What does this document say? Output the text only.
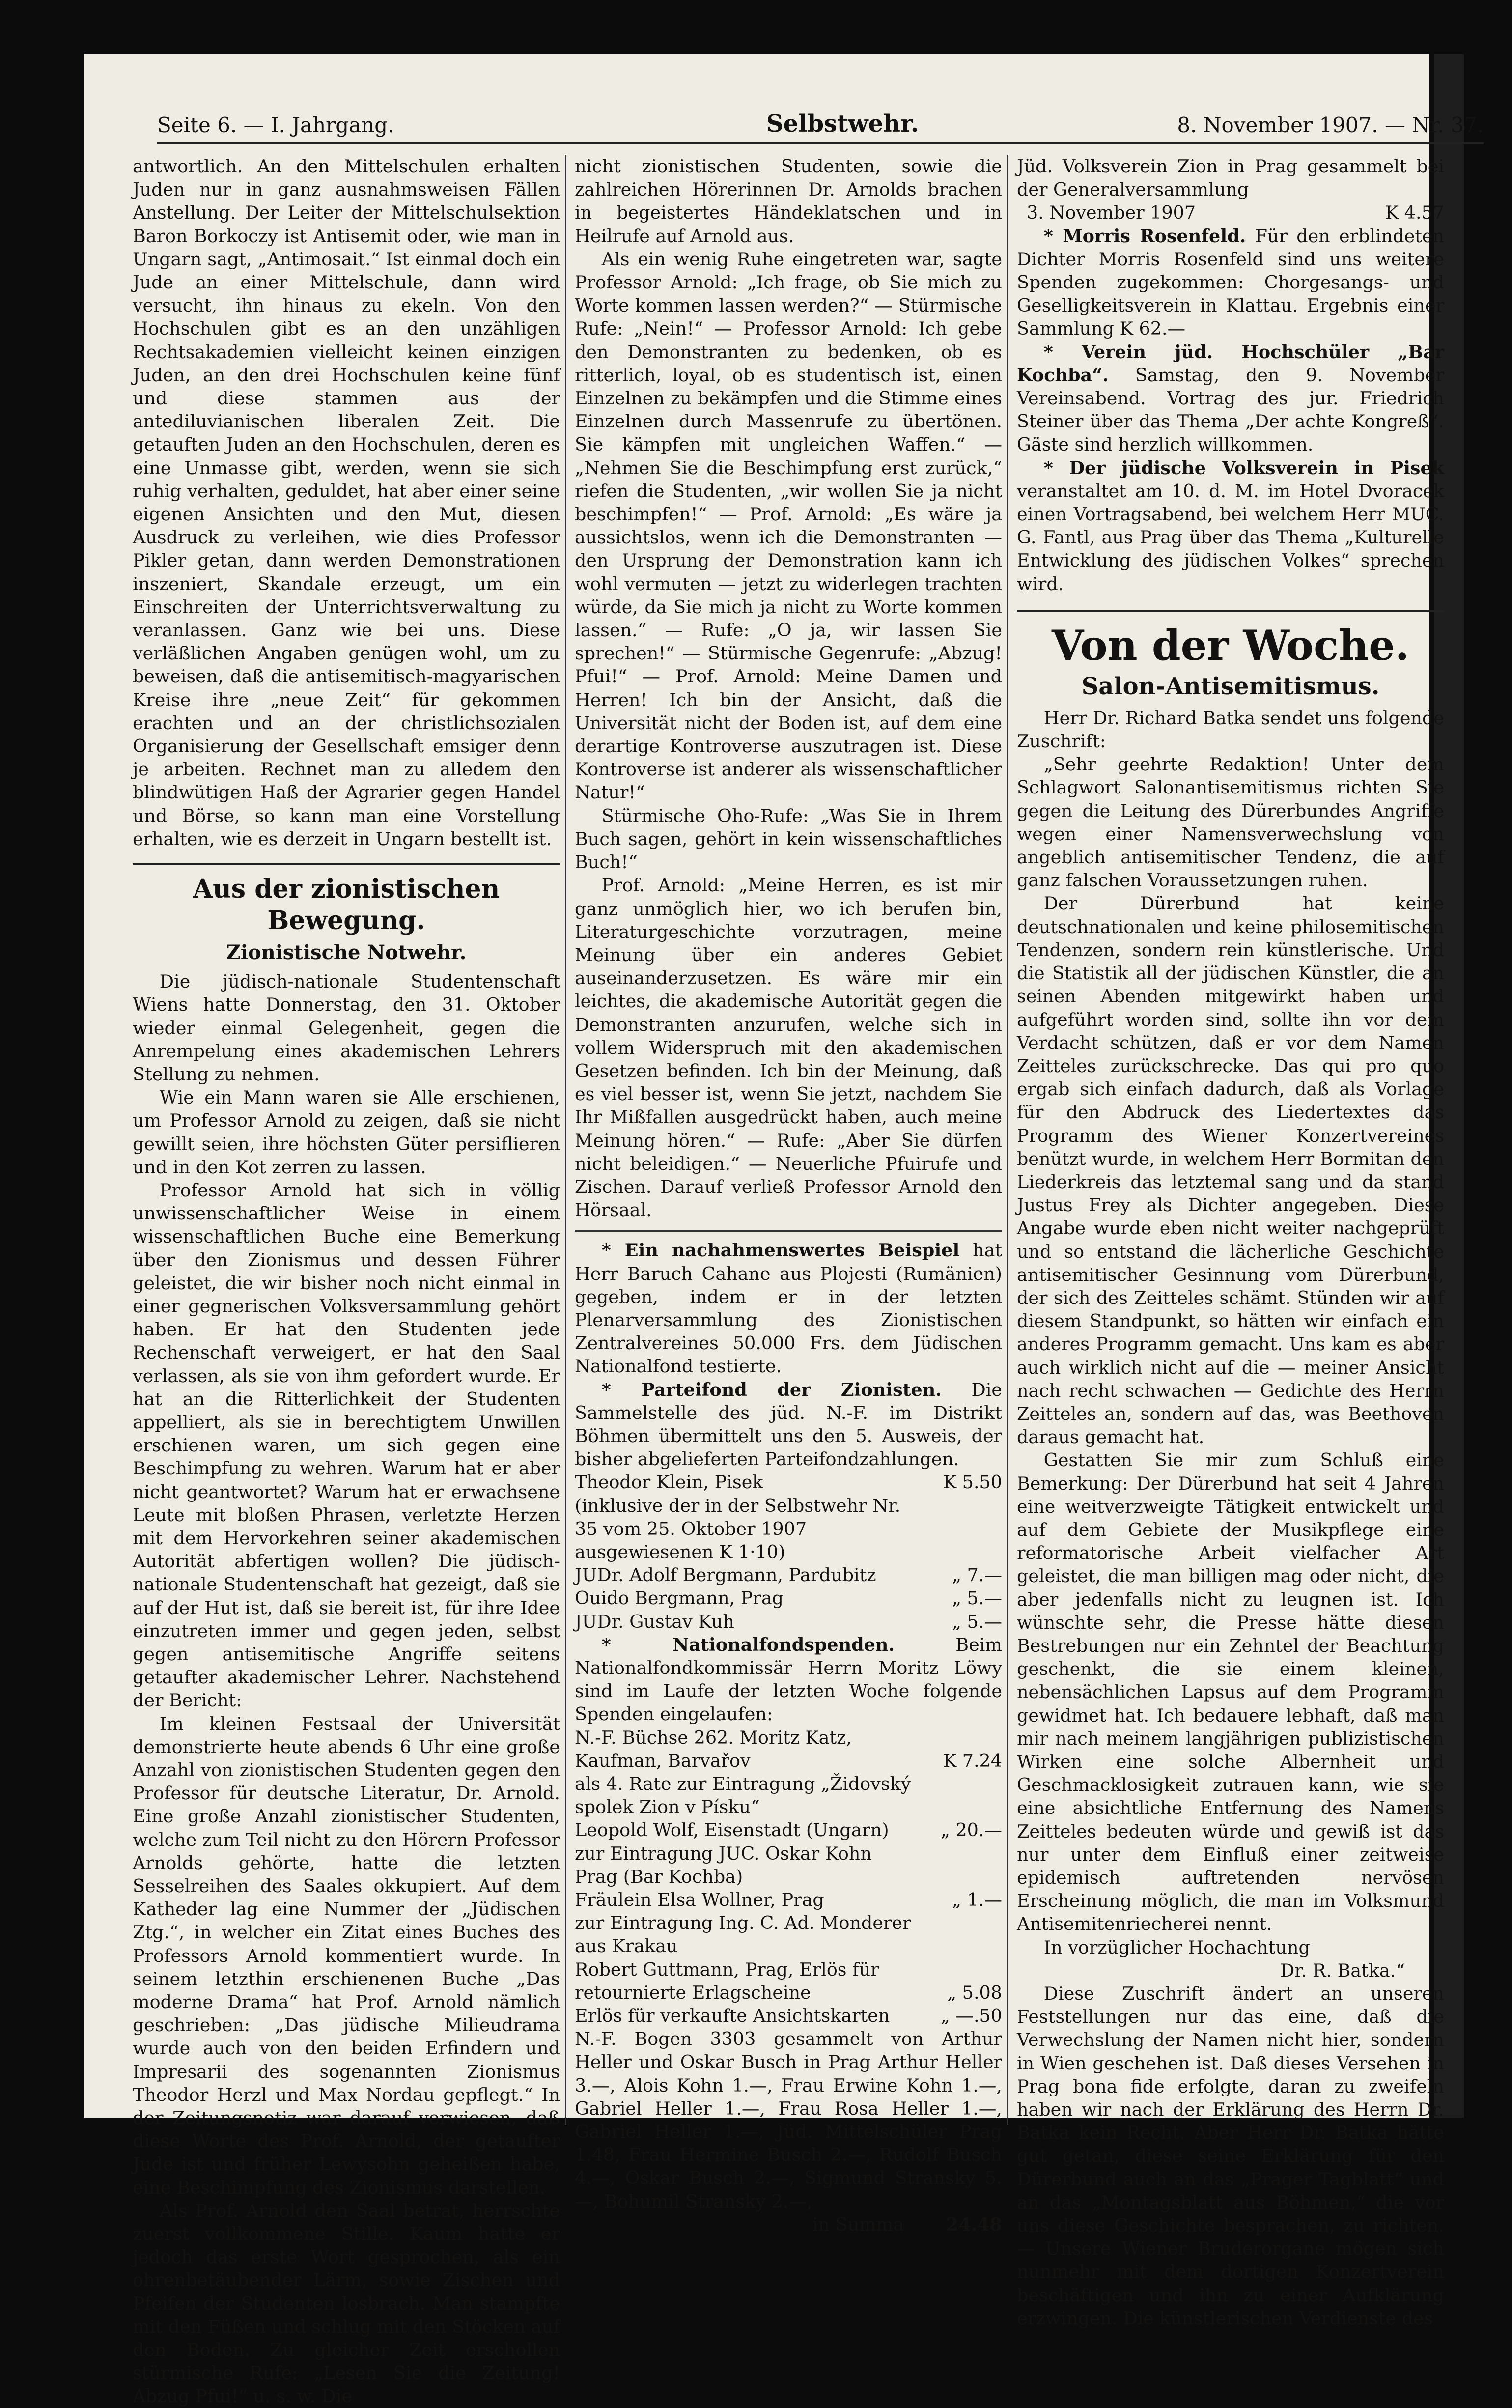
Seite 6. — I. Jahrgang.	Selbstwehr.	8. November 1907. — Nr. 37.

antwortlich. An den Mittelschulen erhalten Juden nur in ganz ausnahmsweisen Fällen Anstellung. Der Leiter der Mittelschulsektion Baron Borkoczy ist Antisemit oder, wie man in Ungarn sagt, „Antimosait.“ Ist einmal doch ein Jude an einer Mittelschule, dann wird versucht, ihn hinaus zu ekeln. Von den Hochschulen gibt es an den unzähligen Rechtsakademien vielleicht keinen einzigen Juden, an den drei Hochschulen keine fünf und diese stammen aus der antediluvianischen liberalen Zeit. Die getauften Juden an den Hochschulen, deren es eine Unmasse gibt, werden, wenn sie sich ruhig verhalten, geduldet, hat aber einer seine eigenen Ansichten und den Mut, diesen Ausdruck zu verleihen, wie dies Professor Pikler getan, dann werden Demonstrationen inszeniert, Skandale erzeugt, um ein Einschreiten der Unterrichtsverwaltung zu veranlassen. Ganz wie bei uns. Diese verläßlichen Angaben genügen wohl, um zu beweisen, daß die antisemitisch-magyarischen Kreise ihre „neue Zeit“ für gekommen erachten und an der christlichsozialen Organisierung der Gesellschaft emsiger denn je arbeiten. Rechnet man zu alledem den blindwütigen Haß der Agrarier gegen Handel und Börse, so kann man eine Vorstellung erhalten, wie es derzeit in Ungarn bestellt ist.

Aus der zionistischen Bewegung.
Zionistische Notwehr.

Die jüdisch-nationale Studentenschaft Wiens hatte Donnerstag, den 31. Oktober wieder einmal Gelegenheit, gegen die Anrempelung eines akademischen Lehrers Stellung zu nehmen.

Wie ein Mann waren sie Alle erschienen, um Professor Arnold zu zeigen, daß sie nicht gewillt seien, ihre höchsten Güter persiflieren und in den Kot zerren zu lassen.

Professor Arnold hat sich in völlig unwissenschaftlicher Weise in einem wissenschaftlichen Buche eine Bemerkung über den Zionismus und dessen Führer geleistet, die wir bisher noch nicht einmal in einer gegnerischen Volksversammlung gehört haben. Er hat den Studenten jede Rechenschaft verweigert, er hat den Saal verlassen, als sie von ihm gefordert wurde. Er hat an die Ritterlichkeit der Studenten appelliert, als sie in berechtigtem Unwillen erschienen waren, um sich gegen eine Beschimpfung zu wehren. Warum hat er aber nicht geantwortet? Warum hat er erwachsene Leute mit bloßen Phrasen, verletzte Herzen mit dem Hervorkehren seiner akademischen Autorität abfertigen wollen? Die jüdisch-nationale Studentenschaft hat gezeigt, daß sie auf der Hut ist, daß sie bereit ist, für ihre Idee einzutreten immer und gegen jeden, selbst gegen antisemitische Angriffe seitens getaufter akademischer Lehrer. Nachstehend der Bericht:

Im kleinen Festsaal der Universität demonstrierte heute abends 6 Uhr eine große Anzahl von zionistischen Studenten gegen den Professor für deutsche Literatur, Dr. Arnold. Eine große Anzahl zionistischer Studenten, welche zum Teil nicht zu den Hörern Professor Arnolds gehörte, hatte die letzten Sesselreihen des Saales okkupiert. Auf dem Katheder lag eine Nummer der „Jüdischen Ztg.“, in welcher ein Zitat eines Buches des Professors Arnold kommentiert wurde. In seinem letzthin erschienenen Buche „Das moderne Drama“ hat Prof. Arnold nämlich geschrieben: „Das jüdische Milieudrama wurde auch von den beiden Erfindern und Impresarii des sogenannten Zionismus Theodor Herzl und Max Nordau gepflegt.“ In der Zeitungsnotiz war darauf verwiesen, daß diese Worte des Prof. Arnold, der getaufter Jude ist und früher Lewysohn geheißen habe, eine Beschimpfung des Zionismus darstellen.

Als Prof. Arnold den Saal betrat, herrschte zuerst vollkommene Stille. Kaum hatte er jedoch das erste Wort gesprochen, als ein ohrenbetäubender Lärm, sowie Zischen und Pfeifen der Studenten losbrach. Man stampfte mit den Füßen und schlug mit den Stöcken auf den Boden. Zu gleicher Zeit erschollen stürmische Rufe: „Lesen Sie die Zeitung! Abzug Pfui!“ u. s. w. Die

nicht zionistischen Studenten, sowie die zahlreichen Hörerinnen Dr. Arnolds brachen in begeistertes Händeklatschen und in Heilrufe auf Arnold aus.

Als ein wenig Ruhe eingetreten war, sagte Professor Arnold: „Ich frage, ob Sie mich zu Worte kommen lassen werden?“ — Stürmische Rufe: „Nein!“ — Professor Arnold: Ich gebe den Demonstranten zu bedenken, ob es ritterlich, loyal, ob es studentisch ist, einen Einzelnen zu bekämpfen und die Stimme eines Einzelnen durch Massenrufe zu übertönen. Sie kämpfen mit ungleichen Waffen.“ — „Nehmen Sie die Beschimpfung erst zurück,“ riefen die Studenten, „wir wollen Sie ja nicht beschimpfen!“ — Prof. Arnold: „Es wäre ja aussichtslos, wenn ich die Demonstranten — den Ursprung der Demonstration kann ich wohl vermuten — jetzt zu widerlegen trachten würde, da Sie mich ja nicht zu Worte kommen lassen.“ — Rufe: „O ja, wir lassen Sie sprechen!“ — Stürmische Gegenrufe: „Abzug! Pfui!“ — Prof. Arnold: Meine Damen und Herren! Ich bin der Ansicht, daß die Universität nicht der Boden ist, auf dem eine derartige Kontroverse auszutragen ist. Diese Kontroverse ist anderer als wissenschaftlicher Natur!“

Stürmische Oho-Rufe: „Was Sie in Ihrem Buch sagen, gehört in kein wissenschaftliches Buch!“

Prof. Arnold: „Meine Herren, es ist mir ganz unmöglich hier, wo ich berufen bin, Literaturgeschichte vorzutragen, meine Meinung über ein anderes Gebiet auseinanderzusetzen. Es wäre mir ein leichtes, die akademische Autorität gegen die Demonstranten anzurufen, welche sich in vollem Widerspruch mit den akademischen Gesetzen befinden. Ich bin der Meinung, daß es viel besser ist, wenn Sie jetzt, nachdem Sie Ihr Mißfallen ausgedrückt haben, auch meine Meinung hören.“ — Rufe: „Aber Sie dürfen nicht beleidigen.“ — Neuerliche Pfuirufe und Zischen. Darauf verließ Professor Arnold den Hörsaal.

* Ein nachahmenswertes Beispiel hat Herr Baruch Cahane aus Plojesti (Rumänien) gegeben, indem er in der letzten Plenarversammlung des Zionistischen Zentralvereines 50.000 Frs. dem Jüdischen Nationalfond testierte.

* Parteifond der Zionisten. Die Sammelstelle des jüd. N.-F. im Distrikt Böhmen übermittelt uns den 5. Ausweis, der bisher abgelieferten Parteifondzahlungen.

Theodor Klein, Pisek	K 5.50
(inklusive der in der Selbstwehr Nr. 35 vom 25. Oktober 1907 ausgewiesenen K 1·10)	
JUDr. Adolf Bergmann, Pardubitz	„ 7.—
Ouido Bergmann, Prag	„ 5.—
JUDr. Gustav Kuh	„ 5.—

* Nationalfondspenden.	Beim Nationalfondkommissär Herrn Moritz Löwy sind im Laufe der letzten Woche folgende Spenden eingelaufen:

N.-F. Büchse 262. Moritz Katz, Kaufman, Barvařov	K 7.24
als 4. Rate zur Eintragung „Židovský spolek Zion v Písku“	
Leopold Wolf, Eisenstadt (Ungarn)	„ 20.—
zur Eintragung JUC. Oskar Kohn Prag (Bar Kochba)	
Fräulein Elsa Wollner, Prag	„ 1.—
zur Eintragung Ing. C. Ad. Monderer aus Krakau	
Robert Guttmann, Prag, Erlös für retournierte Erlagscheine	„ 5.08
Erlös für verkaufte Ansichtskarten	„ —.50

N.-F. Bogen 3303 gesammelt von Arthur Heller und Oskar Busch in Prag Arthur Heller 3.—, Alois Kohn 1.—, Frau Erwine Kohn 1.—, Gabriel Heller 1.—, Frau Rosa Heller 1.—, Gabriel Heller 1.—, Jüd. Mittelschüler Prag 1.48, Frau Hermine Busch 2.—, Rudolf Busch 4.—, Oskar Busch 2.—, Sigmund Stransky 5.—, Bohumil Stransky 2.—,

in Summa	24.48

Jüd. Volksverein Zion in Prag gesammelt bei der Generalversammlung

3. November 1907	K 4.57

* Morris Rosenfeld. Für den erblindeten Dichter Morris Rosenfeld sind uns weitere Spenden zugekommen: Chorgesangs- und Geselligkeitsverein in Klattau. Ergebnis einer Sammlung K 62.—

* Verein jüd. Hochschüler „Bar Kochba“. Samstag, den 9. November Vereinsabend. Vortrag des jur. Friedrich Steiner über das Thema „Der achte Kongreß“. Gäste sind herzlich willkommen.

* Der jüdische Volksverein in Pisek veranstaltet am 10. d. M. im Hotel Dvoracek einen Vortragsabend, bei welchem Herr MUC. G. Fantl, aus Prag über das Thema „Kulturelle Entwicklung des jüdischen Volkes“ sprechen wird.

Von der Woche.
Salon-Antisemitismus.

Herr Dr. Richard Batka sendet uns folgende Zuschrift:

„Sehr geehrte Redaktion! Unter dem Schlagwort Salonantisemitismus richten Sie gegen die Leitung des Dürerbundes Angriffe wegen einer Namensverwechslung von angeblich antisemitischer Tendenz, die auf ganz falschen Voraussetzungen ruhen.

Der Dürerbund hat keine deutschnationalen und keine philosemitischen Tendenzen, sondern rein künstlerische. Und die Statistik all der jüdischen Künstler, die an seinen Abenden mitgewirkt haben und aufgeführt worden sind, sollte ihn vor dem Verdacht schützen, daß er vor dem Namen Zeitteles zurückschrecke. Das qui pro quo ergab sich einfach dadurch, daß als Vorlage für den Abdruck des Liedertextes das Programm des Wiener Konzertvereines benützt wurde, in welchem Herr Bormitan den Liederkreis das letztemal sang und da stand Justus Frey als Dichter angegeben. Diese Angabe wurde eben nicht weiter nachgeprüft und so entstand die lächerliche Geschichte antisemitischer Gesinnung vom Dürerbund, der sich des Zeitteles schämt. Stünden wir auf diesem Standpunkt, so hätten wir einfach ein anderes Programm gemacht. Uns kam es aber auch wirklich nicht auf die — meiner Ansicht nach recht schwachen — Gedichte des Herrn Zeitteles an, sondern auf das, was Beethoven daraus gemacht hat.

Gestatten Sie mir zum Schluß eine Bemerkung: Der Dürerbund hat seit 4 Jahren eine weitverzweigte Tätigkeit entwickelt und auf dem Gebiete der Musikpflege eine reformatorische Arbeit vielfacher Art geleistet, die man billigen mag oder nicht, die aber jedenfalls nicht zu leugnen ist. Ich wünschte sehr, die Presse hätte diesen Bestrebungen nur ein Zehntel der Beachtung geschenkt, die sie einem kleinen, nebensächlichen Lapsus auf dem Programm gewidmet hat. Ich bedauere lebhaft, daß man mir nach meinem langjährigen publizistischen Wirken eine solche Albernheit und Geschmacklosigkeit zutrauen kann, wie sie eine absichtliche Entfernung des Namens Zeitteles bedeuten würde und gewiß ist das nur unter dem Einfluß einer zeitweise epidemisch auftretenden nervösen Erscheinung möglich, die man im Volksmund Antisemitenriecherei nennt.

In vorzüglicher Hochachtung

Dr. R. Batka.“

Diese Zuschrift ändert an unseren Feststellungen nur das eine, daß die Verwechslung der Namen nicht hier, sondern in Wien geschehen ist. Daß dieses Versehen in Prag bona fide erfolgte, daran zu zweifeln haben wir nach der Erklärung des Herrn Dr. Batka kein Recht. Aber Herr Dr. Batka hätte gut getan, diese seine Erklärung für den Dürerbund auch an das „Prager Tagblatt“ und an das „Montagsblatt aus Böhmen,“ die vor uns diese Geschichte besprachen, zu richten. — Unsere Wiener Bruderorgane mögen sich nunmehr mit dem dortigen Konzertverein beschäftigen und ihn zu einer Aufklärung erzwingen. Die künstlerischen Verdienste des
